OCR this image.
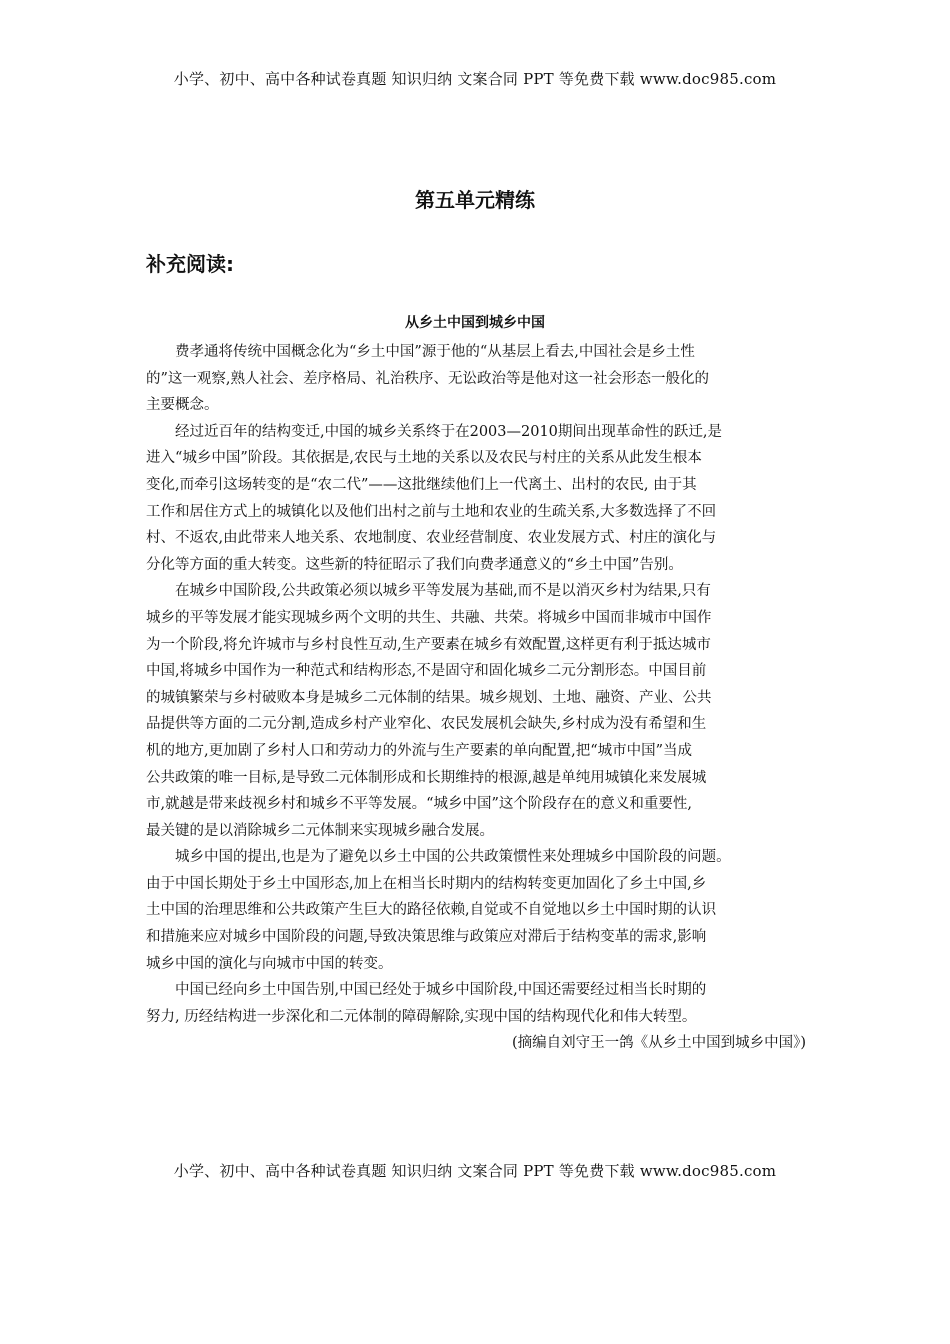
小学、初中、高中各种试卷真题 知识归纳 文案合同 PPT 等免费下载 www.doc985.com
第五单元精练
补充阅读:
从乡土中国到城乡中国
费孝通将传统中国概念化为“乡土中国”源于他的“从基层上看去,中国社会是乡土性
的”这一观察,熟人社会、差序格局、礼治秩序、无讼政治等是他对这一社会形态一般化的
主要概念。
经过近百年的结构变迁,中国的城乡关系终于在2003—2010期间出现革命性的跃迁,是
进入“城乡中国”阶段。其依据是,农民与土地的关系以及农民与村庄的关系从此发生根本
变化,而牵引这场转变的是“农二代”——这批继续他们上一代离土、出村的农民, 由于其
工作和居住方式上的城镇化以及他们出村之前与土地和农业的生疏关系,大多数选择了不回
村、不返农,由此带来人地关系、农地制度、农业经营制度、农业发展方式、村庄的演化与
分化等方面的重大转变。这些新的特征昭示了我们向费孝通意义的“乡土中国”告别。
在城乡中国阶段,公共政策必须以城乡平等发展为基础,而不是以消灭乡村为结果,只有
城乡的平等发展才能实现城乡两个文明的共生、共融、共荣。将城乡中国而非城市中国作
为一个阶段,将允许城市与乡村良性互动,生产要素在城乡有效配置,这样更有利于抵达城市
中国,将城乡中国作为一种范式和结构形态,不是固守和固化城乡二元分割形态。中国目前
的城镇繁荣与乡村破败本身是城乡二元体制的结果。城乡规划、土地、融资、产业、公共
品提供等方面的二元分割,造成乡村产业窄化、农民发展机会缺失,乡村成为没有希望和生
机的地方,更加剧了乡村人口和劳动力的外流与生产要素的单向配置,把“城市中国”当成
公共政策的唯一目标,是导致二元体制形成和长期维持的根源,越是单纯用城镇化来发展城
市,就越是带来歧视乡村和城乡不平等发展。“城乡中国”这个阶段存在的意义和重要性,
最关键的是以消除城乡二元体制来实现城乡融合发展。
城乡中国的提出,也是为了避免以乡土中国的公共政策惯性来处理城乡中国阶段的问题。
由于中国长期处于乡土中国形态,加上在相当长时期内的结构转变更加固化了乡土中国,乡
土中国的治理思维和公共政策产生巨大的路径依赖,自觉或不自觉地以乡土中国时期的认识
和措施来应对城乡中国阶段的问题,导致决策思维与政策应对滞后于结构变革的需求,影响
城乡中国的演化与向城市中国的转变。
中国已经向乡土中国告别,中国已经处于城乡中国阶段,中国还需要经过相当长时期的
努力, 历经结构进一步深化和二元体制的障碍解除,实现中国的结构现代化和伟大转型。
(摘编自刘守王一鸽《从乡土中国到城乡中国》)
小学、初中、高中各种试卷真题 知识归纳 文案合同 PPT 等免费下载 www.doc985.com
